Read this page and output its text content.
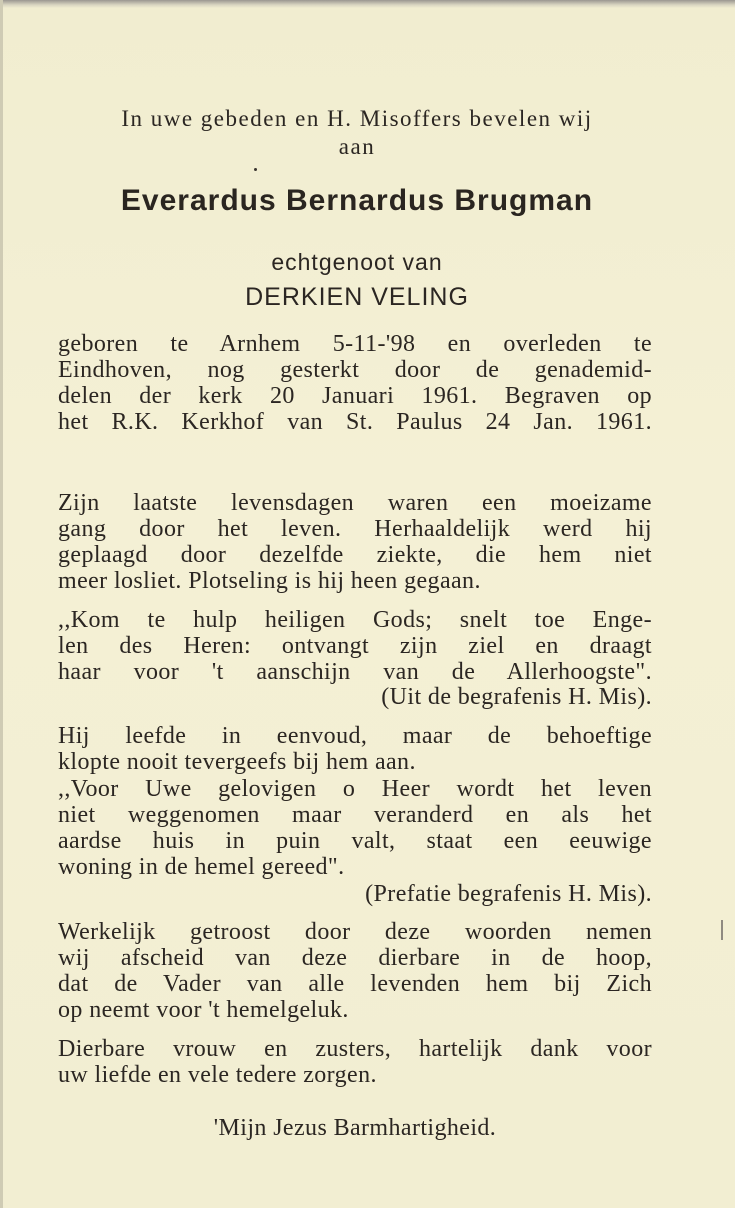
In uwe gebeden en H. Misoffers bevelen wij
aan
Everardus Bernardus Brugman
echtgenoot van
DERKIEN VELING
geboren te Arnhem 5-11-'98 en overleden te
Eindhoven, nog gesterkt door de genademid-
delen der kerk 20 Januari 1961. Begraven op
het R.K. Kerkhof van St. Paulus 24 Jan. 1961.
Zijn laatste levensdagen waren een moeizame
gang door het leven. Herhaaldelijk werd hij
geplaagd door dezelfde ziekte, die hem niet
meer losliet. Plotseling is hij heen gegaan.
,,Kom te hulp heiligen Gods; snelt toe Enge-
len des Heren: ontvangt zijn ziel en draagt
haar voor 't aanschijn van de Allerhoogste".
(Uit de begrafenis H. Mis).
Hij leefde in eenvoud, maar de behoeftige
klopte nooit tevergeefs bij hem aan.
,,Voor Uwe gelovigen o Heer wordt het leven
niet weggenomen maar veranderd en als het
aardse huis in puin valt, staat een eeuwige
woning in de hemel gereed".
(Prefatie begrafenis H. Mis).
Werkelijk getroost door deze woorden nemen
wij afscheid van deze dierbare in de hoop,
dat de Vader van alle levenden hem bij Zich
op neemt voor 't hemelgeluk.
Dierbare vrouw en zusters, hartelijk dank voor
uw liefde en vele tedere zorgen.
'Mijn Jezus Barmhartigheid.
